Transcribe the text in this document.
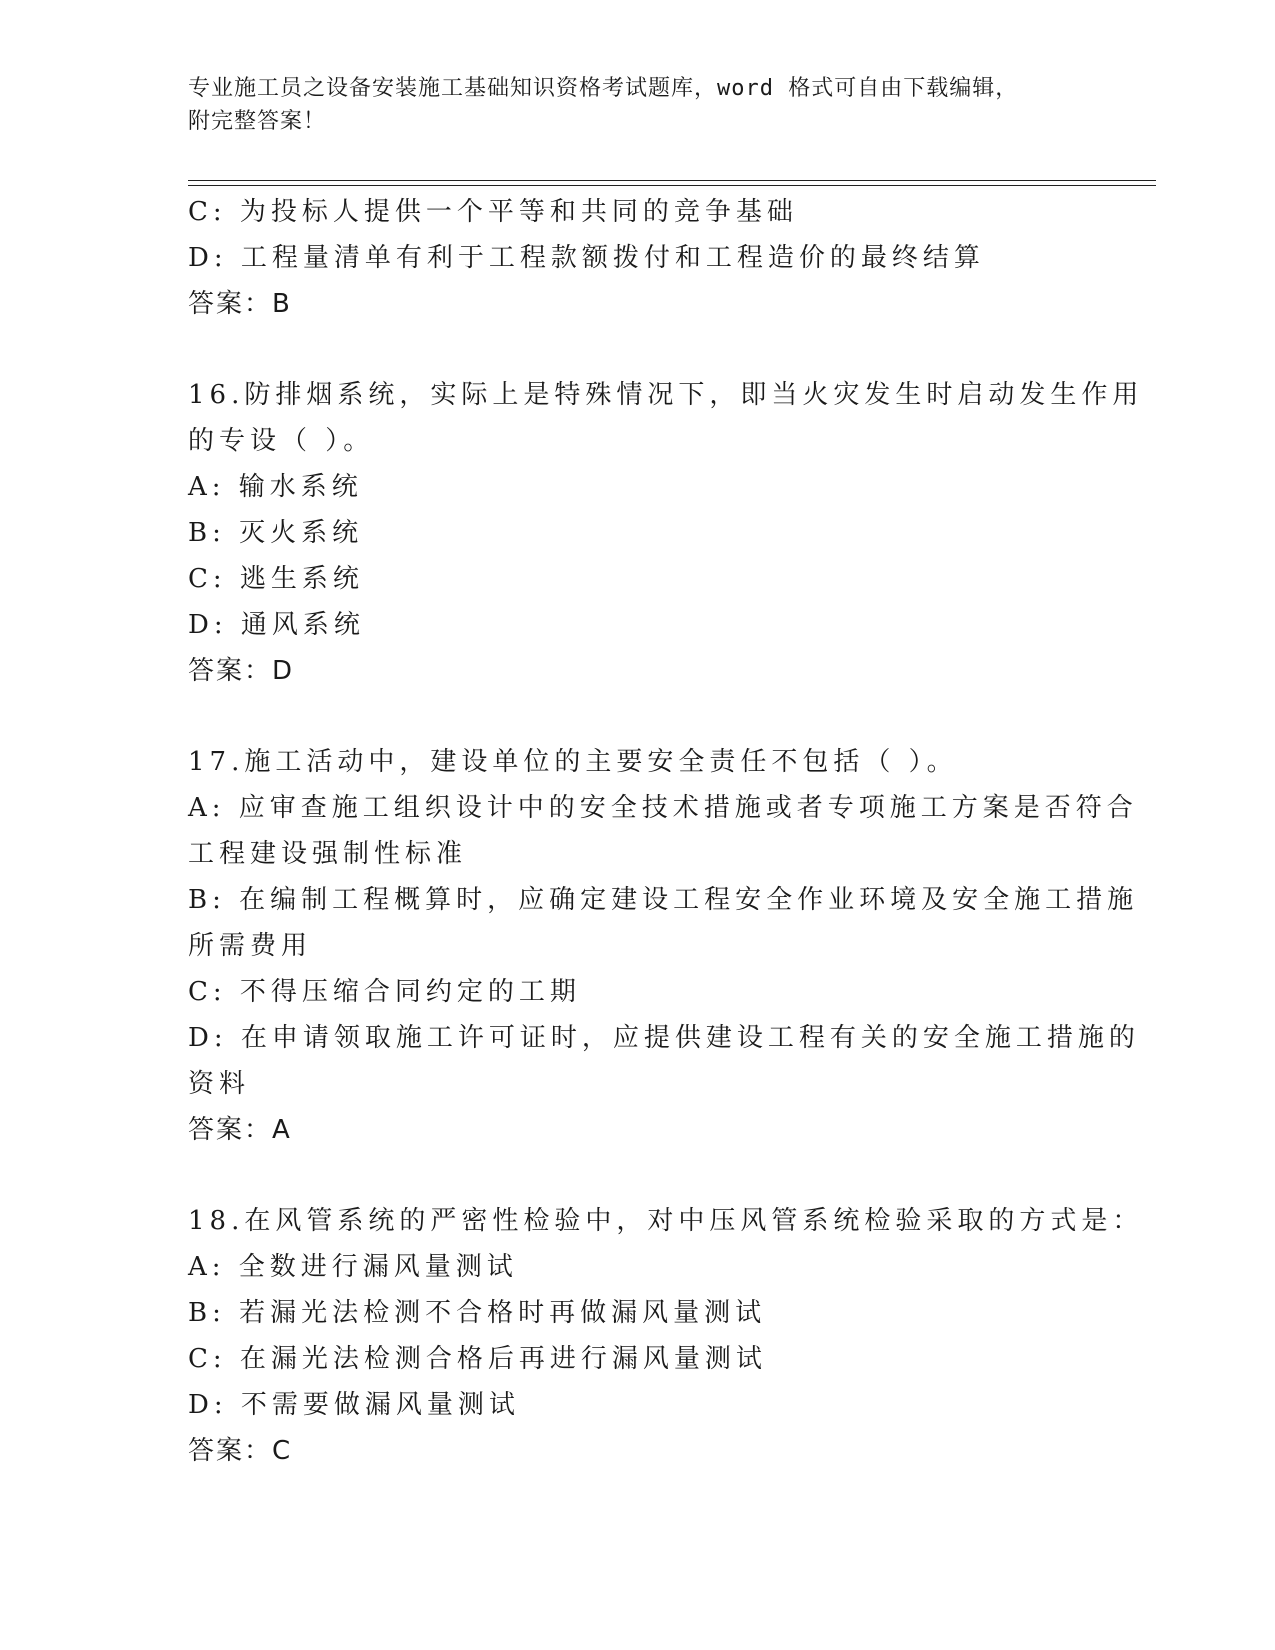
专业施工员之设备安装施工基础知识资格考试题库，word 格式可自由下载编辑，
附完整答案！
C: 为投标人提供一个平等和共同的竞争基础
D: 工程量清单有利于工程款额拨付和工程造价的最终结算
答案：B
16.防排烟系统，实际上是特殊情况下，即当火灾发生时启动发生作用
的专设（ ）。
A: 输水系统
B: 灭火系统
C: 逃生系统
D: 通风系统
答案：D
17.施工活动中，建设单位的主要安全责任不包括（ ）。
A: 应审查施工组织设计中的安全技术措施或者专项施工方案是否符合
工程建设强制性标准
B: 在编制工程概算时，应确定建设工程安全作业环境及安全施工措施
所需费用
C: 不得压缩合同约定的工期
D: 在申请领取施工许可证时，应提供建设工程有关的安全施工措施的
资料
答案：A
18.在风管系统的严密性检验中，对中压风管系统检验采取的方式是：
A: 全数进行漏风量测试
B: 若漏光法检测不合格时再做漏风量测试
C: 在漏光法检测合格后再进行漏风量测试
D: 不需要做漏风量测试
答案：C
